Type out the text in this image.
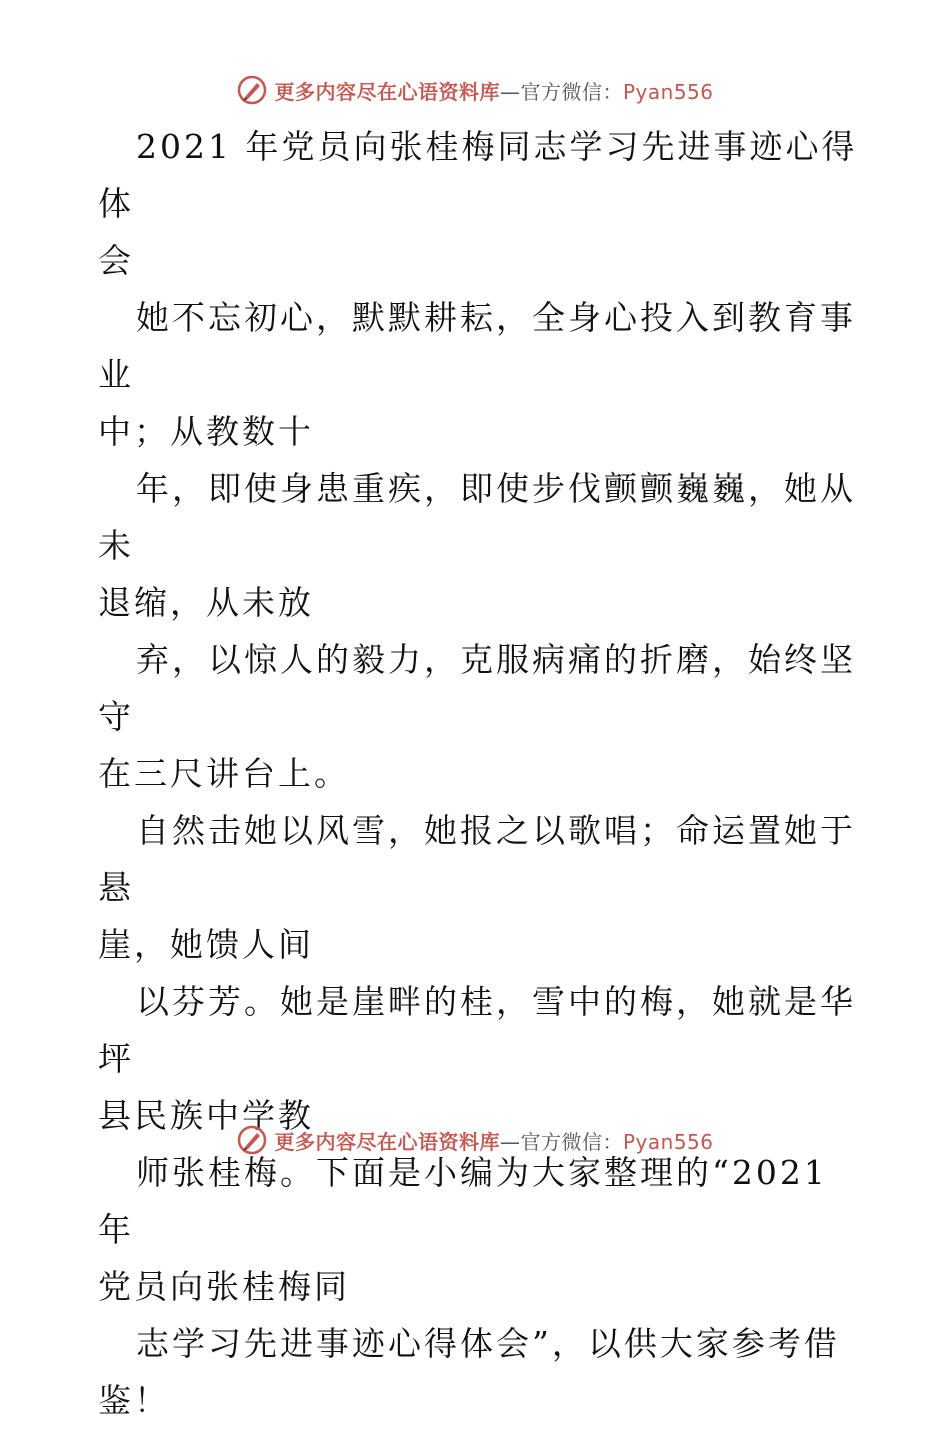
更多内容尽在心语资料库—官方微信：Pyan556
2021 年党员向张桂梅同志学习先进事迹心得体
会
她不忘初心，默默耕耘，全身心投入到教育事业
中；从教数十
年，即使身患重疾，即使步伐颤颤巍巍，她从未
退缩，从未放
弃，以惊人的毅力，克服病痛的折磨，始终坚守
在三尺讲台上。
自然击她以风雪，她报之以歌唱；命运置她于悬
崖，她馈人间
以芬芳。她是崖畔的桂，雪中的梅，她就是华坪
县民族中学教
师张桂梅。下面是小编为大家整理的“2021 年
党员向张桂梅同
志学习先进事迹心得体会”，以供大家参考借
鉴！
更多内容尽在心语资料库—官方微信：Pyan556
